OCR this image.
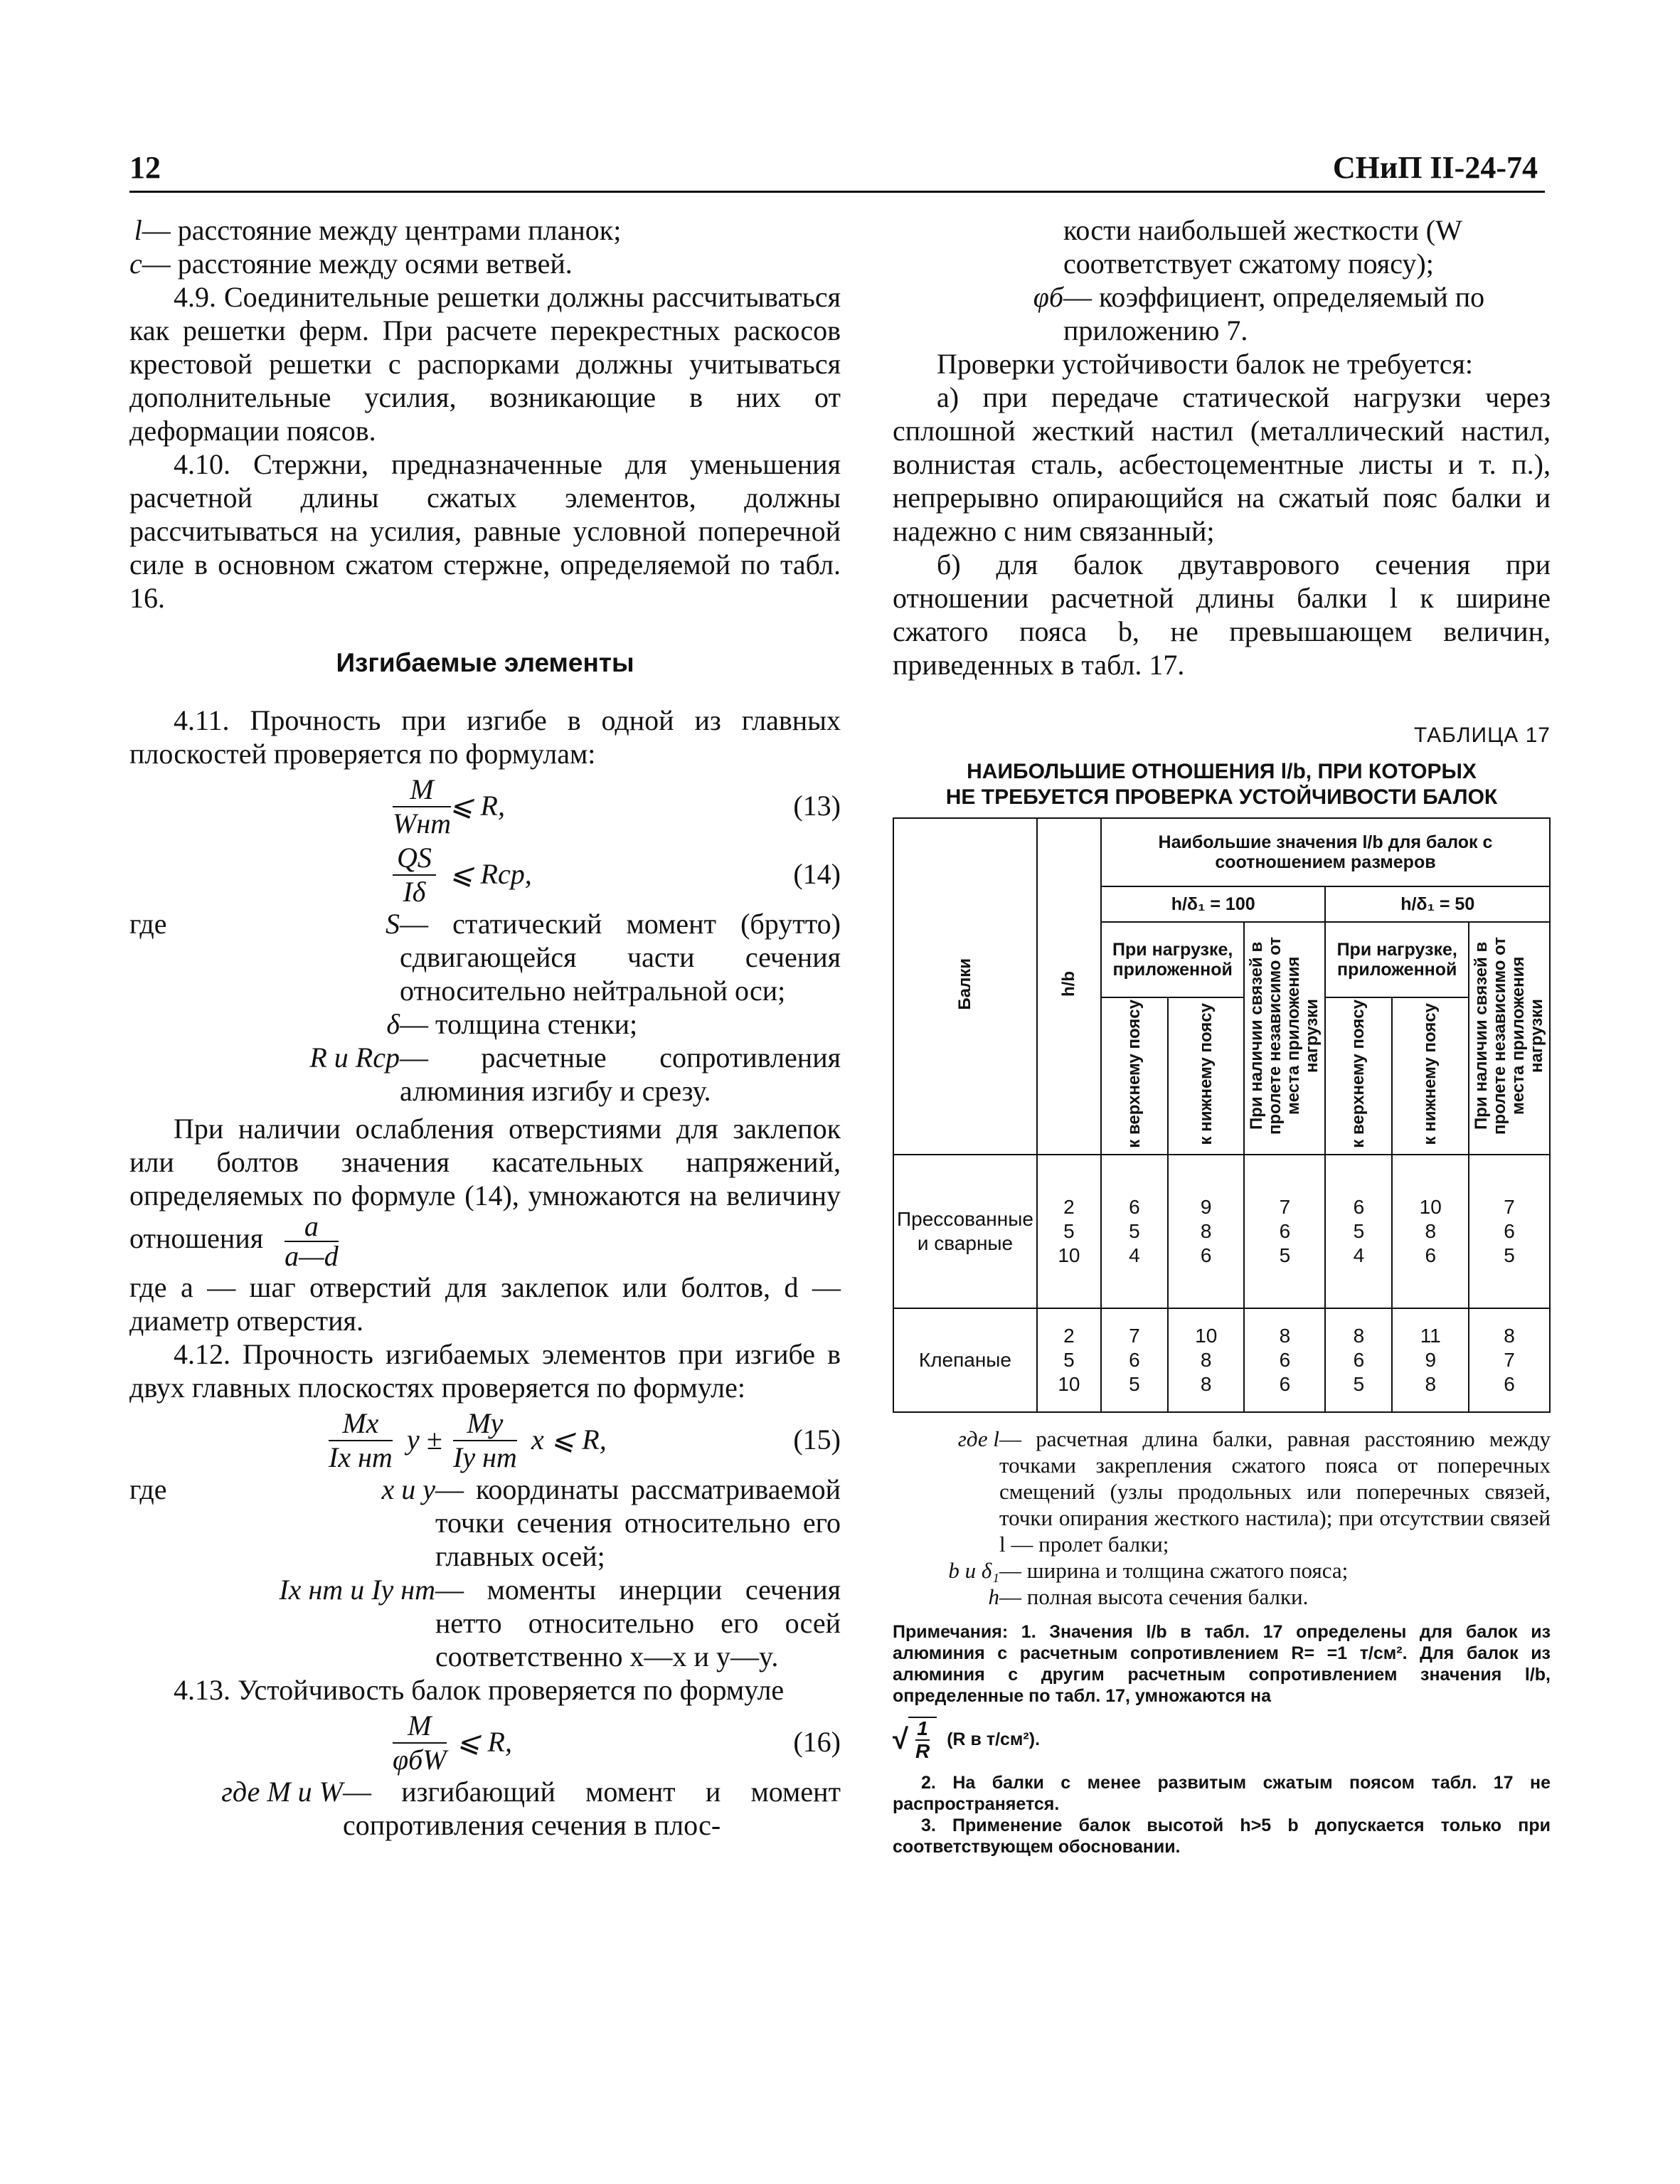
12	СНиП II-24-74
l — расстояние между центрами планок;
c — расстояние между осями ветвей.

4.9. Соединительные решетки должны рассчитываться как решетки ферм. При расчете перекрестных раскосов крестовой решетки с распорками должны учитываться дополнительные усилия, возникающие в них от деформации поясов.

4.10. Стержни, предназначенные для уменьшения расчетной длины сжатых элементов, должны рассчитываться на усилия, равные условной поперечной силе в основном сжатом стержне, определяемой по табл. 16.

Изгибаемые элементы

4.11. Прочность при изгибе в одной из главных плоскостей проверяется по формулам:

M
Wнт
⩽ R,	(13)
$\frac{QS}{I\delta}$ ⩽ Rср,	(14)
где	S — статический момент (брутто) сдвигающейся части сечения относительно нейтральной оси;
δ — толщина стенки;
R и Rср — расчетные сопротивления алюминия изгибу и срезу.

При наличии ослабления отверстиями для заклепок или болтов значения касательных напряжений, определяемых по формуле (14), умножаются на величину отношения $\frac{a}{a—d}$

где a — шаг отверстий для заклепок или болтов, d — диаметр отверстия.

4.12. Прочность изгибаемых элементов при изгибе в двух главных плоскостях проверяется по формуле:

Mx
Ix нт
y ±
My
Iy нт
x ⩽ R,	(15)
где	x и y — координаты рассматриваемой точки сечения относительно его главных осей;
Ix нт и Iy нт — моменты инерции сечения нетто относительно его осей соответственно x—x и y—y.

4.13. Устойчивость балок проверяется по формуле

M
φбW
⩽ R,	(16)
где M и W — изгибающий момент и момент сопротивления сечения в плос-
кости наибольшей жесткости (W соответствует сжатому поясу);
φб — коэффициент, определяемый по приложению 7.

Проверки устойчивости балок не требуется:

а) при передаче статической нагрузки через сплошной жесткий настил (металлический настил, волнистая сталь, асбестоцементные листы и т. п.), непрерывно опирающийся на сжатый пояс балки и надежно с ним связанный;

б) для балок двутаврового сечения при отношении расчетной длины балки l к ширине сжатого пояса b, не превышающем величин, приведенных в табл. 17.

ТАБЛИЦА 17
НАИБОЛЬШИЕ ОТНОШЕНИЯ l/b, ПРИ КОТОРЫХ
НЕ ТРЕБУЕТСЯ ПРОВЕРКА УСТОЙЧИВОСТИ БАЛОК
Балки	h/b	Наибольшие значения l/b для балок с соотношением размеров					
		h/δ₁ = 100			h/δ₁ = 50		
		При нагрузке, приложенной		При наличии связей в пролете независимо от места приложения нагрузки	При нагрузке, приложенной		При наличии связей в пролете независимо от места приложения нагрузки
		к верхнему поясу	к нижнему поясу		к верхнему поясу	к нижнему поясу	
Прессованные и сварные	2
5
10	6
5
4	9
8
6	7
6
5	6
5
4	10
8
6	7
6
5

Клепаные	2
5
10	7
6
5	10
8
8	8
6
6	8
6
5	11
9
8	8
7
6
где l — расчетная длина балки, равная расстоянию между точками закрепления сжатого пояса от поперечных смещений (узлы продольных или поперечных связей, точки опирания жесткого настила); при отсутствии связей l — пролет балки;
b и δ₁ — ширина и толщина сжатого пояса;
h — полная высота сечения балки.
Примечания: 1. Значения l/b в табл. 17 определены для балок из алюминия с расчетным сопротивлением R= =1 т/см². Для балок из алюминия с другим расчетным сопротивлением значения l/b, определенные по табл. 17, умножаются на
√ 1
R
(R в т/см²).
2. На балки с менее развитым сжатым поясом табл. 17 не распространяется.
3. Применение балок высотой h>5 b допускается только при соответствующем обосновании.
